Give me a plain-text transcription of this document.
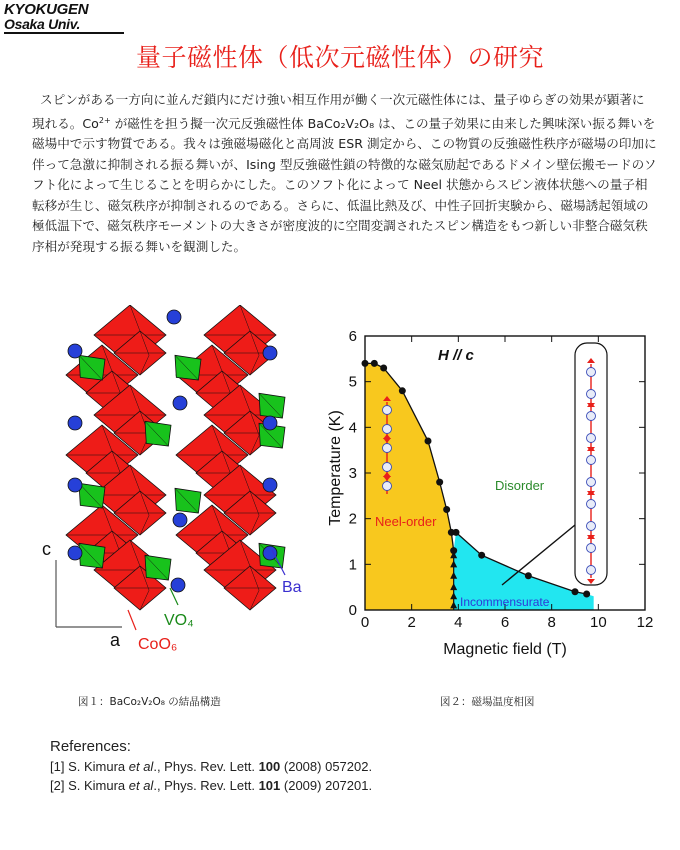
KYOKUGEN
Osaka Univ.
量子磁性体（低次元磁性体）の研究

スピンがある一方向に並んだ鎖内にだけ強い相互作用が働く一次元磁性体には、量子ゆらぎの効果が顕著に現れる。$Co^{2+}$ が磁性を担う擬一次元反強磁性体 BaCo₂V₂O₈ は、この量子効果に由来した興味深い振る舞いを磁場中で示す物質である。我々は強磁場磁化と高周波 ESR 測定から、この物質の反強磁性秩序が磁場の印加に伴って急激に抑制される振る舞いが、Ising 型反強磁性鎖の特徴的な磁気励起であるドメイン壁伝搬モードのソフト化によって生じることを明らかにした。このソフト化によって Neel 状態からスピン液体状態への量子相転移が生じ、磁気秩序が抑制されるのである。さらに、低温比熱及び、中性子回折実験から、磁場誘起領域の極低温下で、磁気秩序モーメントの大きさが密度波的に空間変調されたスピン構造をもつ新しい非整合磁気秩序相が発現する振る舞いを観測した。

c
a
Ba
VO₄
CoO₆
図１：BaCo₂V₂O₈ の結晶構造
0	2	4	6	8 10 12
0
1
2
3
4
5
6
Magnetic field (T)
Temperature (K)
H // c
Neel-order
Disorder
Incommensurate
図２：磁場温度相図
References:
[1] S. Kimura et al., Phys. Rev. Lett. 100 (2008) 057202.
[2] S. Kimura et al., Phys. Rev. Lett. 101 (2009) 207201.
